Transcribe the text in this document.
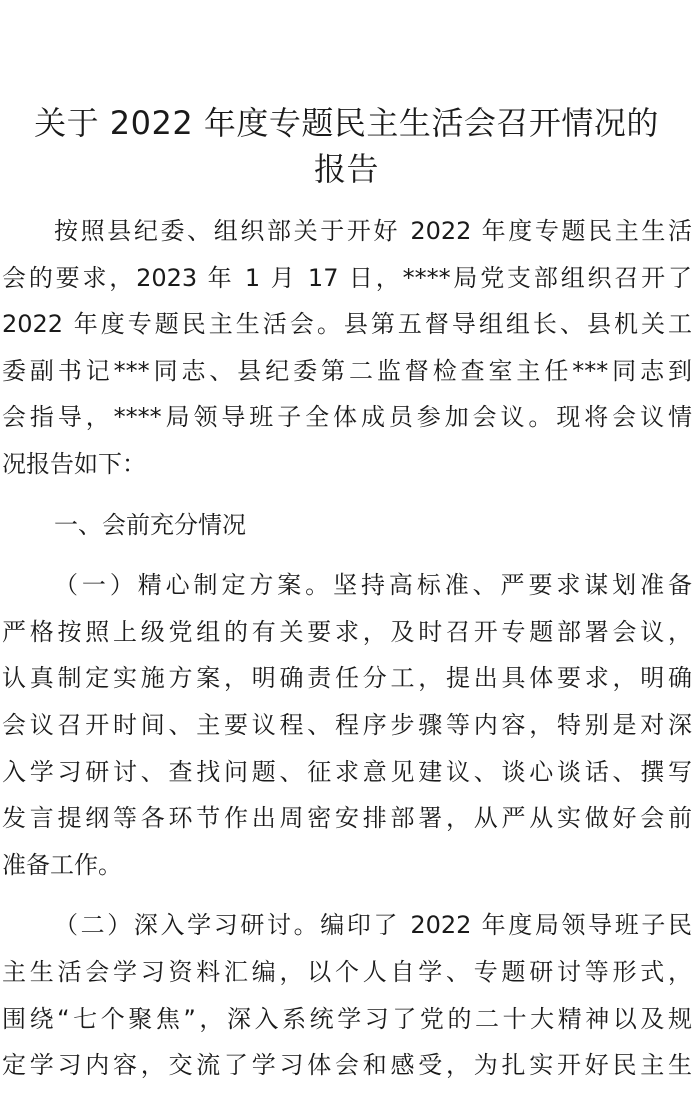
关于 2022 年度专题民主生活会召开情况的
报告
按照县纪委、组织部关于开好 2022 年度专题民主生活
会的要求，2023 年 1 月 17 日，****局党支部组织召开了
2022 年度专题民主生活会。县第五督导组组长、县机关工
委副书记***同志、县纪委第二监督检查室主任***同志到
会指导，****局领导班子全体成员参加会议。现将会议情
况报告如下：
一、会前充分情况
（一）精心制定方案。坚持高标准、严要求谋划准备
严格按照上级党组的有关要求，及时召开专题部署会议，
认真制定实施方案，明确责任分工，提出具体要求，明确
会议召开时间、主要议程、程序步骤等内容，特别是对深
入学习研讨、查找问题、征求意见建议、谈心谈话、撰写
发言提纲等各环节作出周密安排部署，从严从实做好会前
准备工作。
（二）深入学习研讨。编印了 2022 年度局领导班子民
主生活会学习资料汇编，以个人自学、专题研讨等形式，
围绕“七个聚焦”，深入系统学习了党的二十大精神以及规
定学习内容，交流了学习体会和感受，为扎实开好民主生
